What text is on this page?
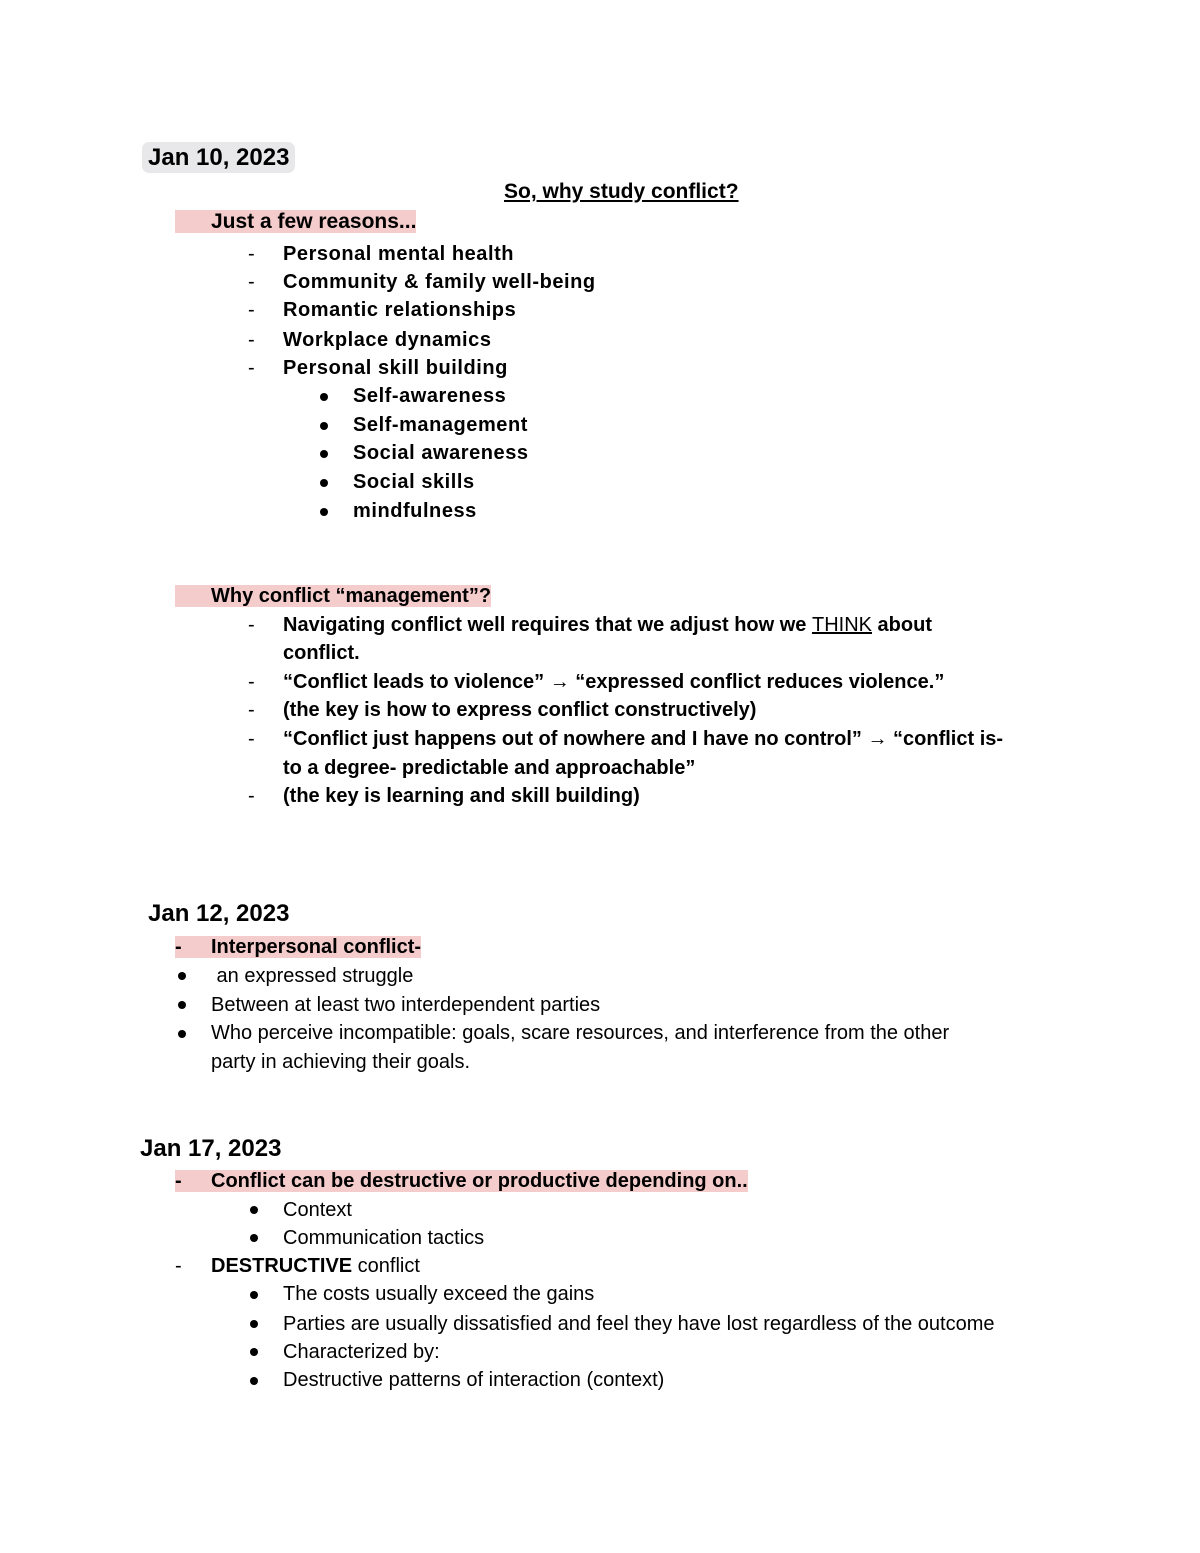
Jan 10, 2023
So, why study conflict?
Just a few reasons...
- Personal mental health
- Community & family well-being
- Romantic relationships
- Workplace dynamics
- Personal skill building
Self-awareness
Self-management
Social awareness
Social skills
mindfulness
Why conflict “management”?
- Navigating conflict well requires that we adjust how we THINK about
conflict.
- “Conflict leads to violence” → “expressed conflict reduces violence.”
- (the key is how to express conflict constructively)
- “Conflict just happens out of nowhere and I have no control” → “conflict is-
to a degree- predictable and approachable”
- (the key is learning and skill building)
Jan 12, 2023
- Interpersonal conflict-
an expressed struggle
Between at least two interdependent parties
Who perceive incompatible: goals, scare resources, and interference from the other
party in achieving their goals.
Jan 17, 2023
- Conflict can be destructive or productive depending on..
Context
Communication tactics
- DESTRUCTIVE conflict
The costs usually exceed the gains
Parties are usually dissatisfied and feel they have lost regardless of the outcome
Characterized by:
Destructive patterns of interaction (context)
